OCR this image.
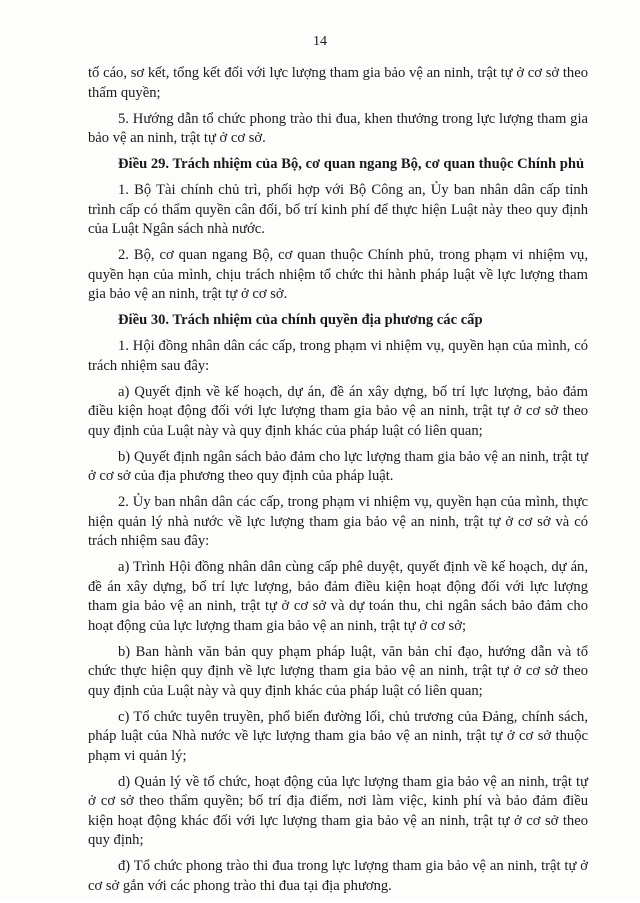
14

tố cáo, sơ kết, tổng kết đối với lực lượng tham gia bảo vệ an ninh, trật tự ở cơ sở theo thẩm quyền;

5. Hướng dẫn tổ chức phong trào thi đua, khen thưởng trong lực lượng tham gia bảo vệ an ninh, trật tự ở cơ sở.

Điều 29. Trách nhiệm của Bộ, cơ quan ngang Bộ, cơ quan thuộc Chính phủ

1. Bộ Tài chính chủ trì, phối hợp với Bộ Công an, Ủy ban nhân dân cấp tỉnh trình cấp có thẩm quyền cân đối, bố trí kinh phí để thực hiện Luật này theo quy định của Luật Ngân sách nhà nước.

2. Bộ, cơ quan ngang Bộ, cơ quan thuộc Chính phủ, trong phạm vi nhiệm vụ, quyền hạn của mình, chịu trách nhiệm tổ chức thi hành pháp luật về lực lượng tham gia bảo vệ an ninh, trật tự ở cơ sở.

Điều 30. Trách nhiệm của chính quyền địa phương các cấp

1. Hội đồng nhân dân các cấp, trong phạm vi nhiệm vụ, quyền hạn của mình, có trách nhiệm sau đây:

a) Quyết định về kế hoạch, dự án, đề án xây dựng, bố trí lực lượng, bảo đảm điều kiện hoạt động đối với lực lượng tham gia bảo vệ an ninh, trật tự ở cơ sở theo quy định của Luật này và quy định khác của pháp luật có liên quan;

b) Quyết định ngân sách bảo đảm cho lực lượng tham gia bảo vệ an ninh, trật tự ở cơ sở của địa phương theo quy định của pháp luật.

2. Ủy ban nhân dân các cấp, trong phạm vi nhiệm vụ, quyền hạn của mình, thực hiện quản lý nhà nước về lực lượng tham gia bảo vệ an ninh, trật tự ở cơ sở và có trách nhiệm sau đây:

a) Trình Hội đồng nhân dân cùng cấp phê duyệt, quyết định về kế hoạch, dự án, đề án xây dựng, bố trí lực lượng, bảo đảm điều kiện hoạt động đối với lực lượng tham gia bảo vệ an ninh, trật tự ở cơ sở và dự toán thu, chi ngân sách bảo đảm cho hoạt động của lực lượng tham gia bảo vệ an ninh, trật tự ở cơ sở;

b) Ban hành văn bản quy phạm pháp luật, văn bản chỉ đạo, hướng dẫn và tổ chức thực hiện quy định về lực lượng tham gia bảo vệ an ninh, trật tự ở cơ sở theo quy định của Luật này và quy định khác của pháp luật có liên quan;

c) Tổ chức tuyên truyền, phổ biến đường lối, chủ trương của Đảng, chính sách, pháp luật của Nhà nước về lực lượng tham gia bảo vệ an ninh, trật tự ở cơ sở thuộc phạm vi quản lý;

d) Quản lý về tổ chức, hoạt động của lực lượng tham gia bảo vệ an ninh, trật tự ở cơ sở theo thẩm quyền; bố trí địa điểm, nơi làm việc, kinh phí và bảo đảm điều kiện hoạt động khác đối với lực lượng tham gia bảo vệ an ninh, trật tự ở cơ sở theo quy định;

đ) Tổ chức phong trào thi đua trong lực lượng tham gia bảo vệ an ninh, trật tự ở cơ sở gắn với các phong trào thi đua tại địa phương.
